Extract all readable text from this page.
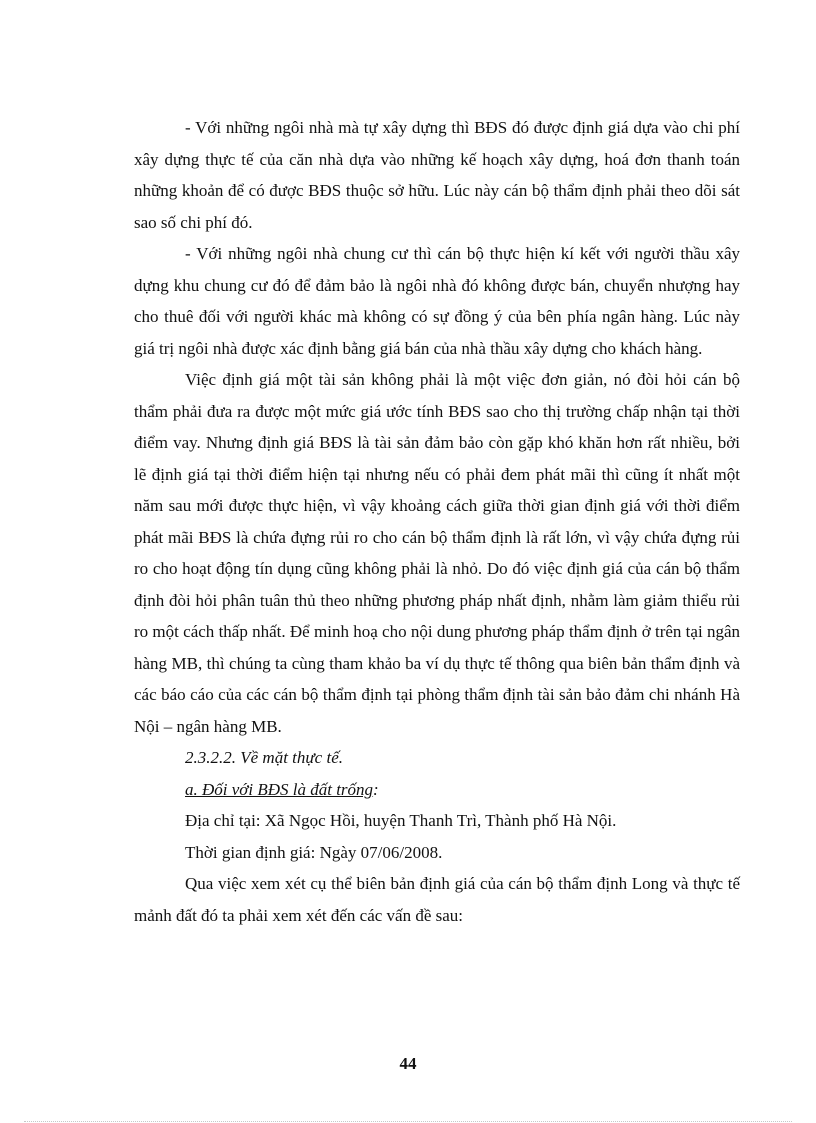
- Với những ngôi nhà mà tự xây dựng thì BĐS đó được định giá dựa vào chi phí xây dựng thực tế của căn nhà dựa vào những kế hoạch xây dựng, hoá đơn thanh toán những khoản để có được BĐS thuộc sở hữu. Lúc này cán bộ thẩm định phải theo dõi sát sao số chi phí đó.

- Với những ngôi nhà chung cư thì cán bộ thực hiện kí kết với người thầu xây dựng khu chung cư đó để đảm bảo là ngôi nhà đó không được bán, chuyển nhượng hay cho thuê đối với người khác mà không có sự đồng ý của bên phía ngân hàng. Lúc này giá trị ngôi nhà được xác định bằng giá bán của nhà thầu xây dựng cho khách hàng.

Việc định giá một tài sản không phải là một việc đơn giản, nó đòi hỏi cán bộ thẩm phải đưa ra được một mức giá ước tính BĐS sao cho thị trường chấp nhận tại thời điểm vay. Nhưng định giá BĐS là tài sản đảm bảo còn gặp khó khăn hơn rất nhiều, bởi lẽ định giá tại thời điểm hiện tại nhưng nếu có phải đem phát mãi thì cũng ít nhất một năm sau mới được thực hiện, vì vậy khoảng cách giữa thời gian định giá với thời điểm phát mãi BĐS là chứa đựng rủi ro cho cán bộ thẩm định là rất lớn, vì vậy chứa đựng rủi ro cho hoạt động tín dụng cũng không phải là nhỏ. Do đó việc định giá của cán bộ thẩm định đòi hỏi phân tuân thủ theo những phương pháp nhất định, nhằm làm giảm thiểu rủi ro một cách thấp nhất. Để minh hoạ cho nội dung phương pháp thẩm định ở trên tại ngân hàng MB, thì chúng ta cùng tham khảo ba ví dụ thực tế thông qua biên bản thẩm định và các báo cáo của các cán bộ thẩm định tại phòng thẩm định tài sản bảo đảm chi nhánh Hà Nội – ngân hàng MB.

2.3.2.2. Về mặt thực tế.

a. Đối với BĐS là đất trống:

Địa chỉ tại: Xã Ngọc Hồi, huyện Thanh Trì, Thành phố Hà Nội.

Thời gian định giá: Ngày 07/06/2008.

Qua việc xem xét cụ thể biên bản định giá của cán bộ thẩm định Long và thực tế mảnh đất đó ta phải xem xét đến các vấn đề sau:

44
